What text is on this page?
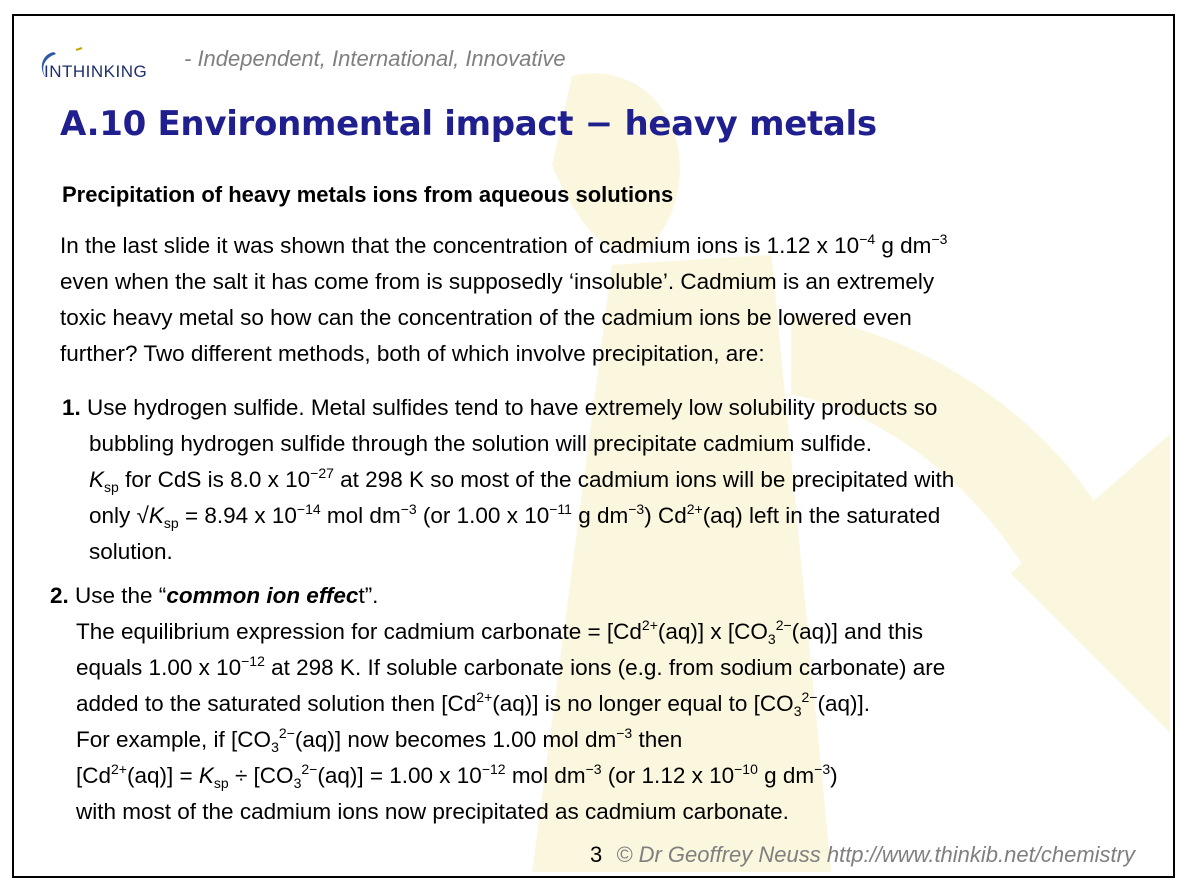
INTHINKING
- Independent, International, Innovative
A.10 Environmental impact − heavy metals
Precipitation of heavy metals ions from aqueous solutions
In the last slide it was shown that the concentration of cadmium ions is 1.12 x $10^{-4}$ g $dm^{-3}$
even when the salt it has come from is supposedly ‘insoluble’. Cadmium is an extremely
toxic heavy metal so how can the concentration of the cadmium ions be lowered even
further? Two different methods, both of which involve precipitation, are:
1. Use hydrogen sulfide. Metal sulfides tend to have extremely low solubility products so
bubbling hydrogen sulfide through the solution will precipitate cadmium sulfide.
$K_{sp}$ for CdS is 8.0 x $10^{-27}$ at 298 K so most of the cadmium ions will be precipitated with
only $√K_{sp} = 8.94$ x $10^{-14}$ mol $dm^{-3}$ (or 1.00 x $10^{-11}$ g $dm^{-3}$) $Cd^{2+}(aq)$ left in the saturated
solution.
2. Use the “common ion effect”.
The equilibrium expression for cadmium carbonate = $[Cd^{2+}(aq)]$ x $[CO_3^{2-}(aq)]$ and this
equals 1.00 x $10^{-12}$ at 298 K. If soluble carbonate ions (e.g. from sodium carbonate) are
added to the saturated solution then $[Cd^{2+}(aq)]$ is no longer equal to $[CO_3^{2-}(aq)]$.
For example, if $[CO_3^{2-}(aq)]$ now becomes 1.00 mol $dm^{-3}$ then
$[Cd^{2+}(aq)] = K_{sp} \div [CO_3^{2-}(aq)] = 1.00$ x $10^{-12}$ mol $dm^{-3}$ (or 1.12 x $10^{-10}$ g $dm^{-3}$)
with most of the cadmium ions now precipitated as cadmium carbonate.
3 © Dr Geoffrey Neuss http://www.thinkib.net/chemistry
